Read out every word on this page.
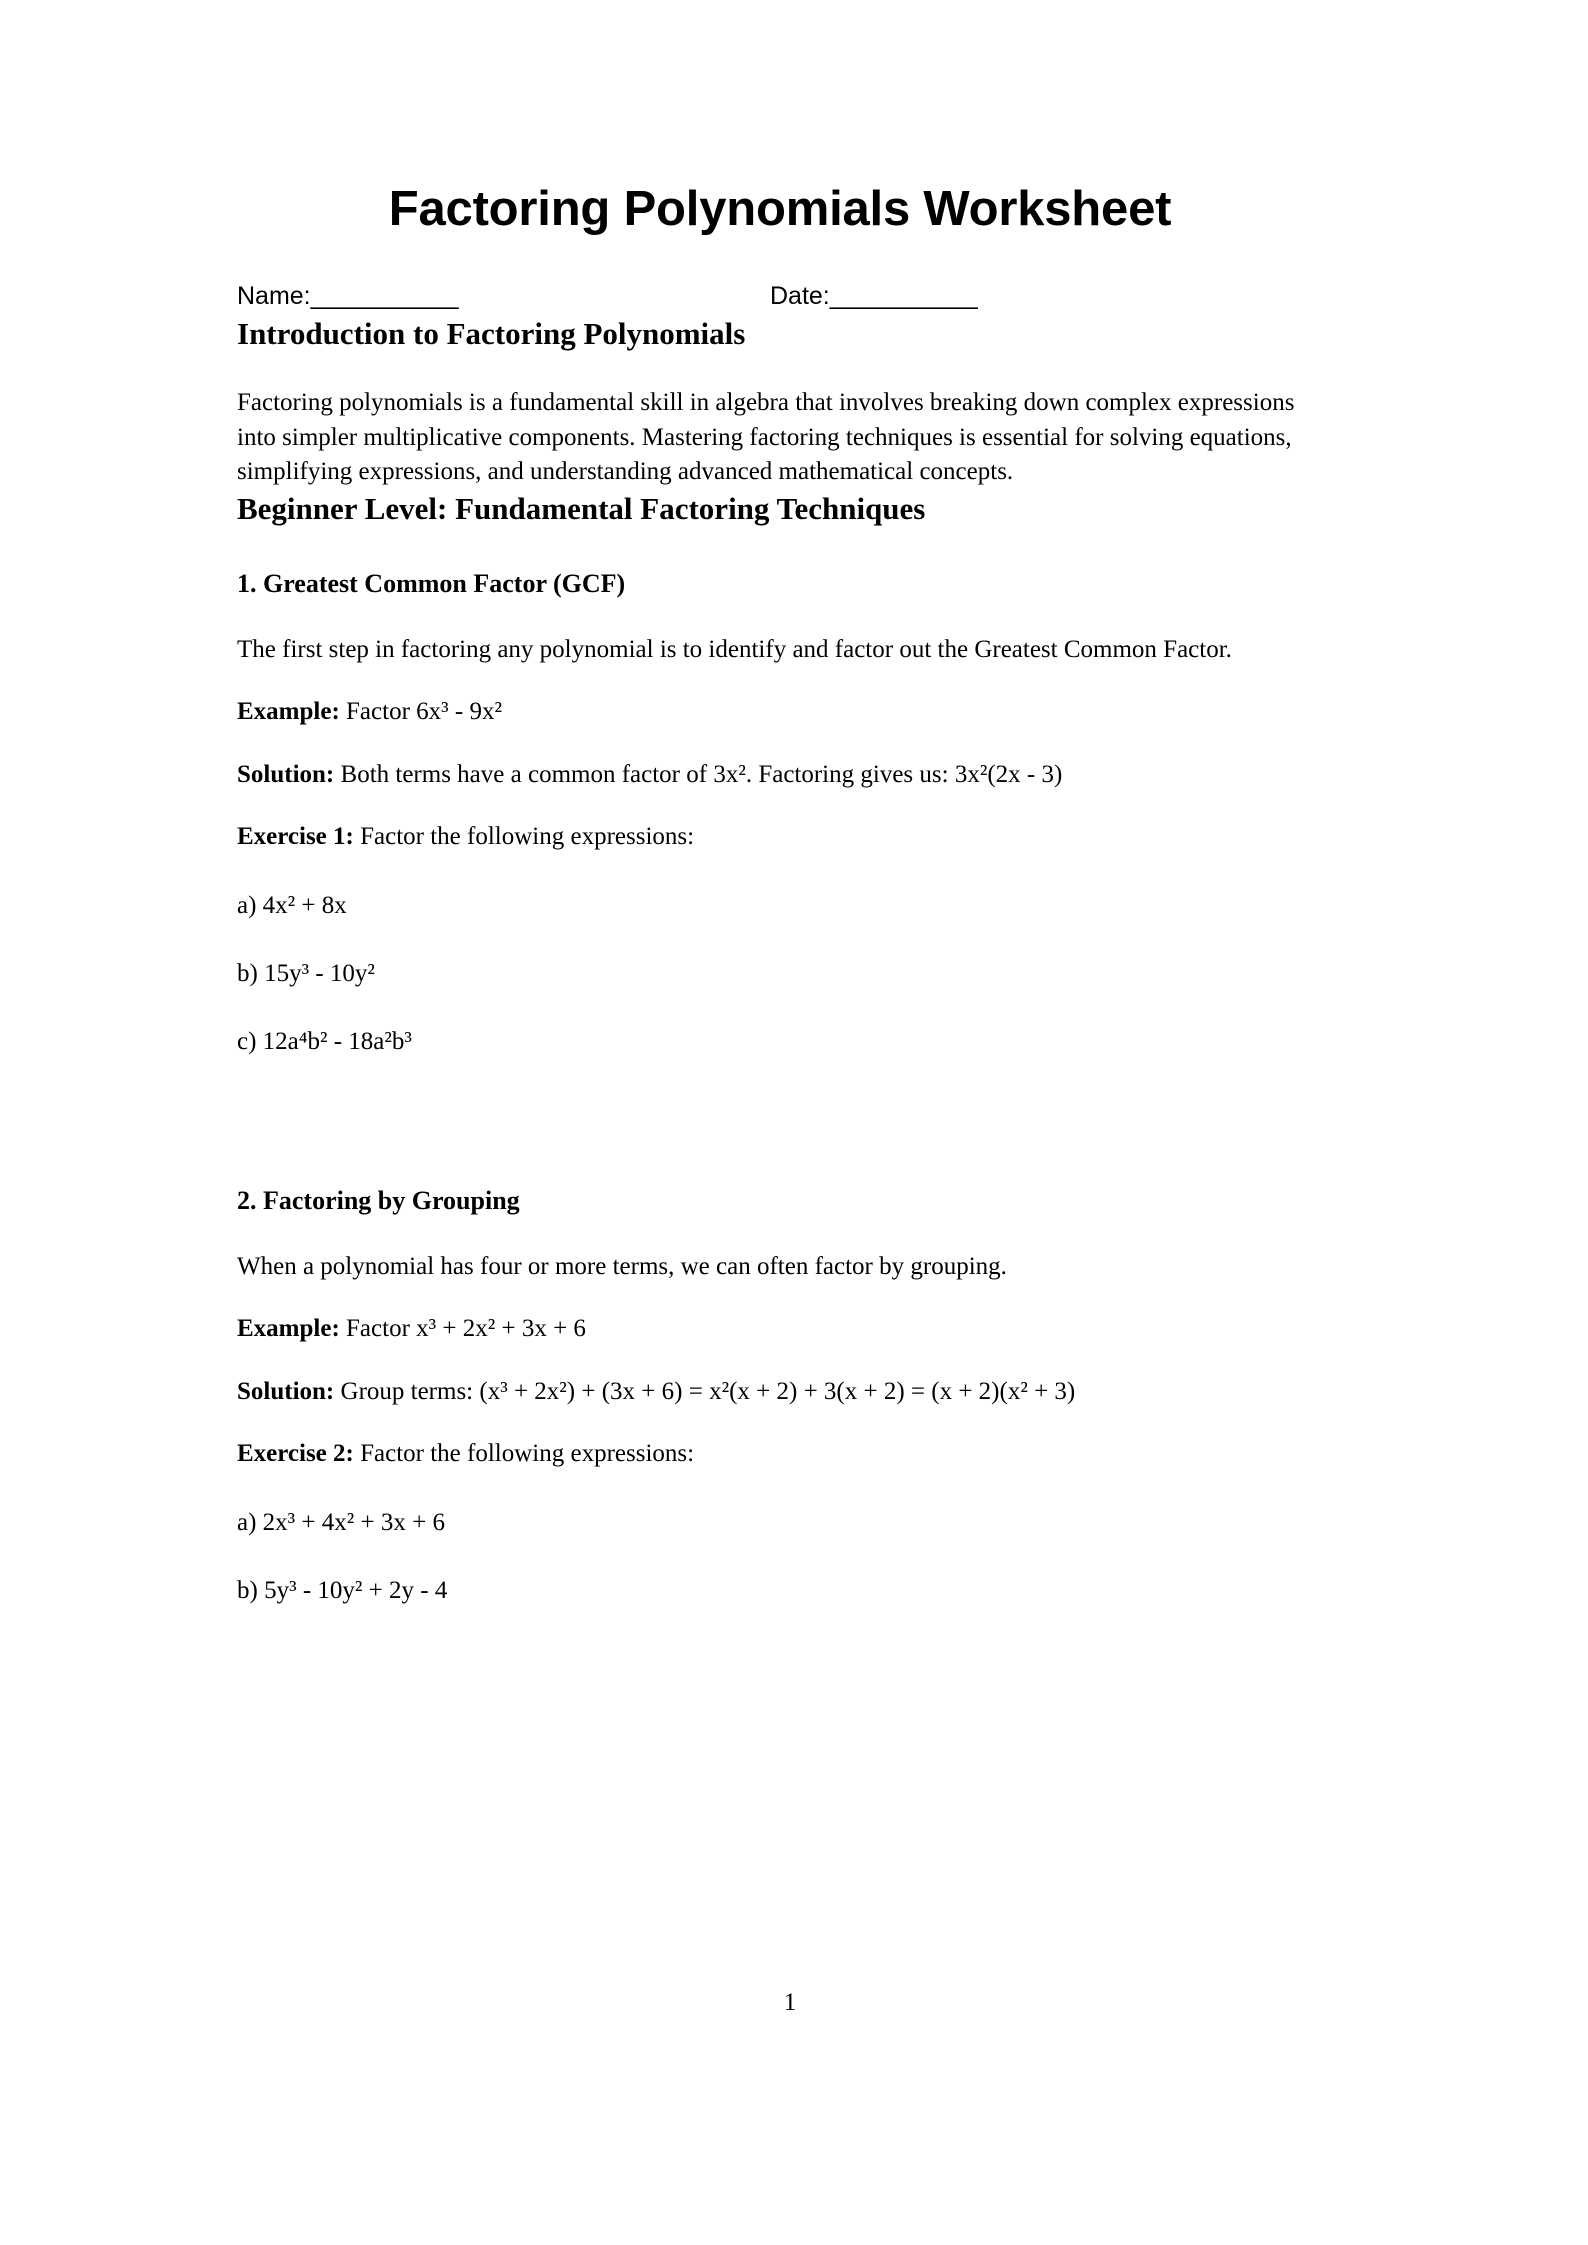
Factoring Polynomials Worksheet
Name:___________	Date:___________
Introduction to Factoring Polynomials

Factoring polynomials is a fundamental skill in algebra that involves breaking down complex expressions into simpler multiplicative components. Mastering factoring techniques is essential for solving equations, simplifying expressions, and understanding advanced mathematical concepts.

Beginner Level: Fundamental Factoring Techniques
1. Greatest Common Factor (GCF)

The first step in factoring any polynomial is to identify and factor out the Greatest Common Factor.

Example: Factor 6x³ - 9x²

Solution: Both terms have a common factor of 3x². Factoring gives us: 3x²(2x - 3)

Exercise 1: Factor the following expressions:

a) 4x² + 8x

b) 15y³ - 10y²

c) 12a⁴b² - 18a²b³

2. Factoring by Grouping

When a polynomial has four or more terms, we can often factor by grouping.

Example: Factor x³ + 2x² + 3x + 6

Solution: Group terms: (x³ + 2x²) + (3x + 6) = x²(x + 2) + 3(x + 2) = (x + 2)(x² + 3)

Exercise 2: Factor the following expressions:

a) 2x³ + 4x² + 3x + 6

b) 5y³ - 10y² + 2y - 4

1
